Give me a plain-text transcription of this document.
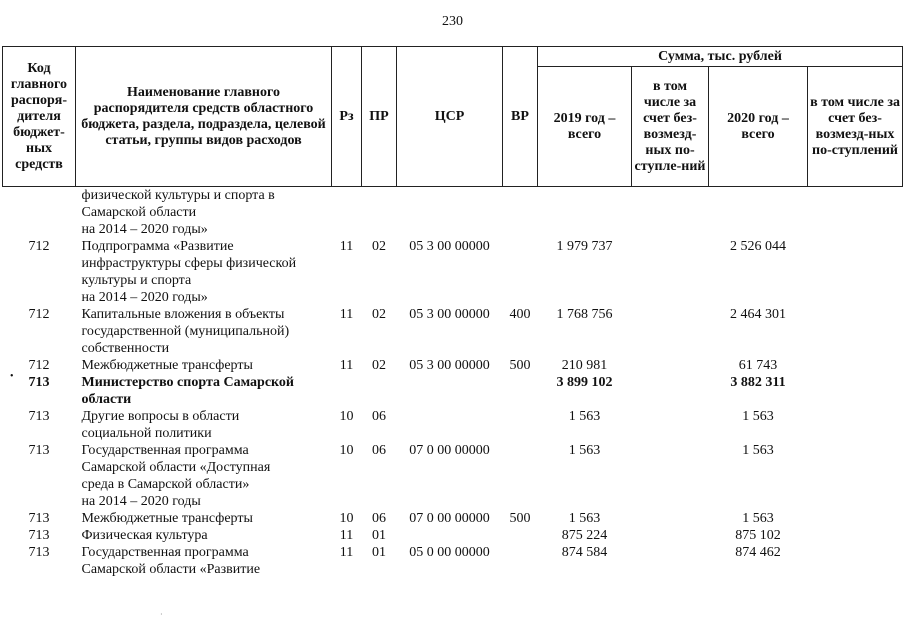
230
Код главного распоря-дителя бюджет-ных средств	Наименование главного распорядителя средств областного бюджета, раздела, подраздела, целевой статьи, группы видов расходов	Рз	ПР	ЦСР	ВР	Сумма, тыс. рублей			
						2019 год – всего	в том числе за счет без-возмезд-ных по-ступле-ний	2020 год – всего	в том числе за счет без-возмезд-ных по-ступлений
	физической культуры и спорта в
Самарской области
на 2014 – 2020 годы»								
712	Подпрограмма «Развитие
инфраструктуры сферы физической
культуры и спорта
на 2014 – 2020 годы»	11	02	05 3 00 00000		1 979 737		2 526 044	
712	Капитальные вложения в объекты
государственной (муниципальной)
собственности	11	02	05 3 00 00000	400	1 768 756		2 464 301	
712	Межбюджетные трансферты	11	02	05 3 00 00000	500	210 981		61 743	
713	Министерство спорта Самарской
области					3 899 102		3 882 311	
713	Другие вопросы в области
социальной политики	10	06			1 563		1 563	
713	Государственная программа
Самарской области «Доступная
среда в Самарской области»
на 2014 – 2020 годы	10	06	07 0 00 00000		1 563		1 563	
713	Межбюджетные трансферты	10	06	07 0 00 00000	500	1 563		1 563	
713	Физическая культура	11	01			875 224		875 102	
713	Государственная программа
Самарской области «Развитие	11	01	05 0 00 00000		874 584		874 462	
•
·
